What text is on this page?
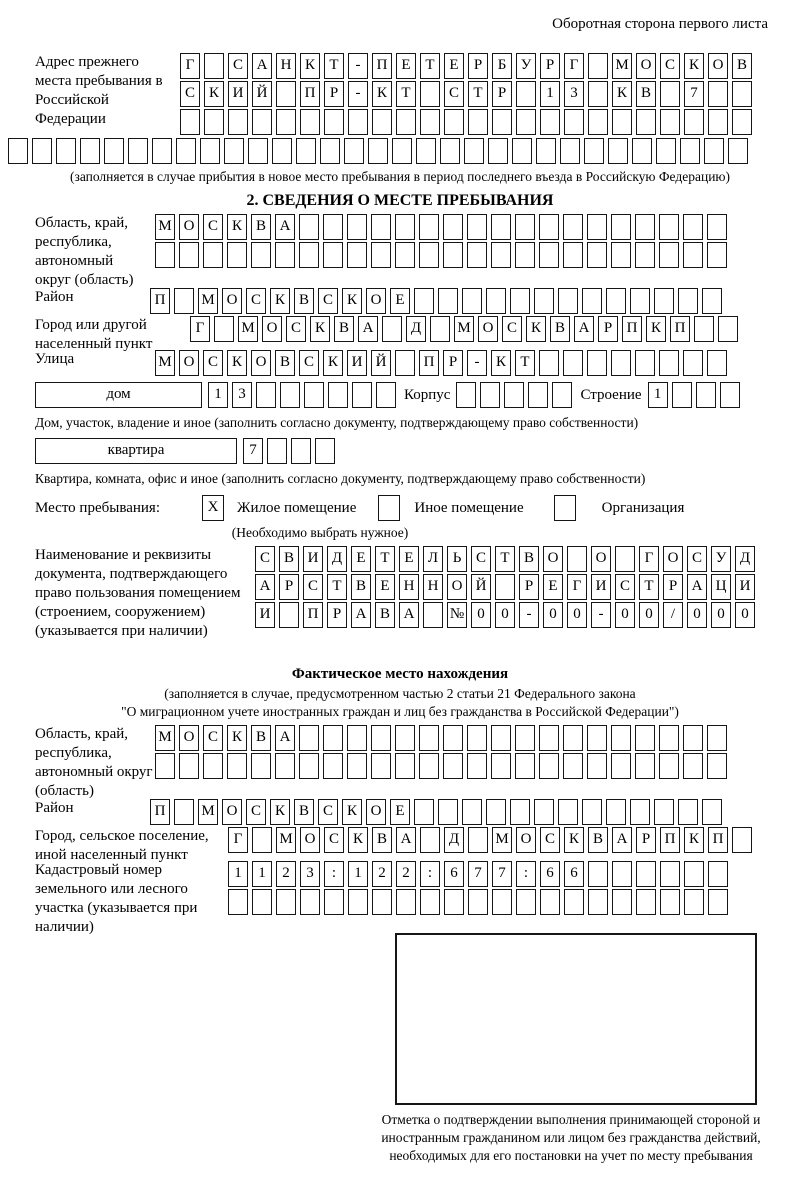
Оборотная сторона первого листа
Адрес прежнего места пребывания в Российской Федерации
Г	С А Н К Т	-	П Е Т Е	Р	Б У Р	Г	М О С К О В
С К И Й	П Р	-	К Т	С Т	Р	1	3	К В	7
(заполняется в случае прибытия в новое место пребывания в период последнего въезда в Российскую Федерацию)
2. СВЕДЕНИЯ О МЕСТЕ ПРЕБЫВАНИЯ
Область, край, республика, автономный округ (область)
М О С К В А
Район	П	М О С К В С К О Е
Город или другой населенный пункт
Г	М О С К В А	Д	М О С К В А Р П К П
Улица	М О С К О В С К И Й	П Р	-	К Т
дом	1	3	Корпус	Строение 1
Дом, участок, владение и иное (заполнить согласно документу, подтверждающему право собственности)
квартира	7
Квартира, комната, офис и иное (заполнить согласно документу, подтверждающему право собственности)
Место пребывания:	X	Жилое помещение	Иное помещение	Организация
(Необходимо выбрать нужное)
Наименование и реквизиты документа, подтверждающего право пользования помещением (строением, сооружением) (указывается при наличии)
С В И Д Е Т Е Л Ь С Т В О	О	Г О С У Д
А Р С Т В Е Н Н О Й	Р	Е	Г И С Т	Р А Ц И
И	П Р А В А	№ 0	0	-	0	0	-	0	0	/	0	0	0
Фактическое место нахождения
(заполняется в случае, предусмотренном частью 2 статьи 21 Федерального закона
"О миграционном учете иностранных граждан и лиц без гражданства в Российской Федерации")
Область, край, республика, автономный округ (область)
М О С К В А
Район	П	М О С К В С К О Е
Город, сельское поселение, иной населенный пункт
Г	М О С К В А	Д	М О С К В А Р П К П
Кадастровый номер земельного или лесного участка (указывается при наличии)
1	1	2	3	:	1	2	2	:	6	7	7	:	6	6
Отметка о подтверждении выполнения принимающей стороной и иностранным гражданином или лицом без гражданства действий, необходимых для его постановки на учет по месту пребывания
